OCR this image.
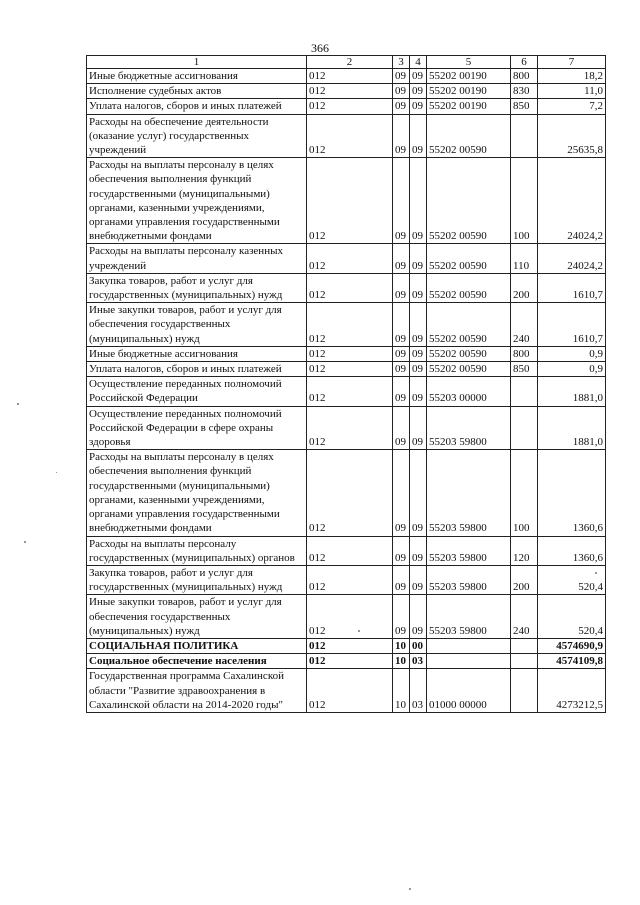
366
1	2	3	4	5	6	7
Иные бюджетные ассигнования	012	09	09	55202 00190	800	18,2
Исполнение судебных актов	012	09	09	55202 00190	830	11,0
Уплата налогов, сборов и иных платежей	012	09	09	55202 00190	850	7,2
Расходы на обеспечение деятельности (оказание услуг) государственных учреждений	012	09	09	55202 00590		25635,8
Расходы на выплаты персоналу в целях обеспечения выполнения функций государственными (муниципальными) органами, казенными учреждениями, органами управления государственными внебюджетными фондами	012	09	09	55202 00590	100	24024,2
Расходы на выплаты персоналу казенных учреждений	012	09	09	55202 00590	110	24024,2
Закупка товаров, работ и услуг для государственных (муниципальных) нужд	012	09	09	55202 00590	200	1610,7
Иные закупки товаров, работ и услуг для обеспечения государственных (муниципальных) нужд	012	09	09	55202 00590	240	1610,7
Иные бюджетные ассигнования	012	09	09	55202 00590	800	0,9
Уплата налогов, сборов и иных платежей	012	09	09	55202 00590	850	0,9
Осуществление переданных полномочий Российской Федерации	012	09	09	55203 00000		1881,0
Осуществление переданных полномочий Российской Федерации в сфере охраны здоровья	012	09	09	55203 59800		1881,0
Расходы на выплаты персоналу в целях обеспечения выполнения функций государственными (муниципальными) органами, казенными учреждениями, органами управления государственными внебюджетными фондами	012	09	09	55203 59800	100	1360,6
Расходы на выплаты персоналу государственных (муниципальных) органов	012	09	09	55203 59800	120	1360,6
Закупка товаров, работ и услуг для государственных (муниципальных) нужд	012	09	09	55203 59800	200	520,4
Иные закупки товаров, работ и услуг для обеспечения государственных (муниципальных) нужд	012	09	09	55203 59800	240	520,4
СОЦИАЛЬНАЯ ПОЛИТИКА	012	10	00			4574690,9
Социальное обеспечение населения	012	10	03			4574109,8
Государственная программа Сахалинской области "Развитие здравоохранения в Сахалинской области на 2014-2020 годы"	012	10	03	01000 00000		4273212,5
